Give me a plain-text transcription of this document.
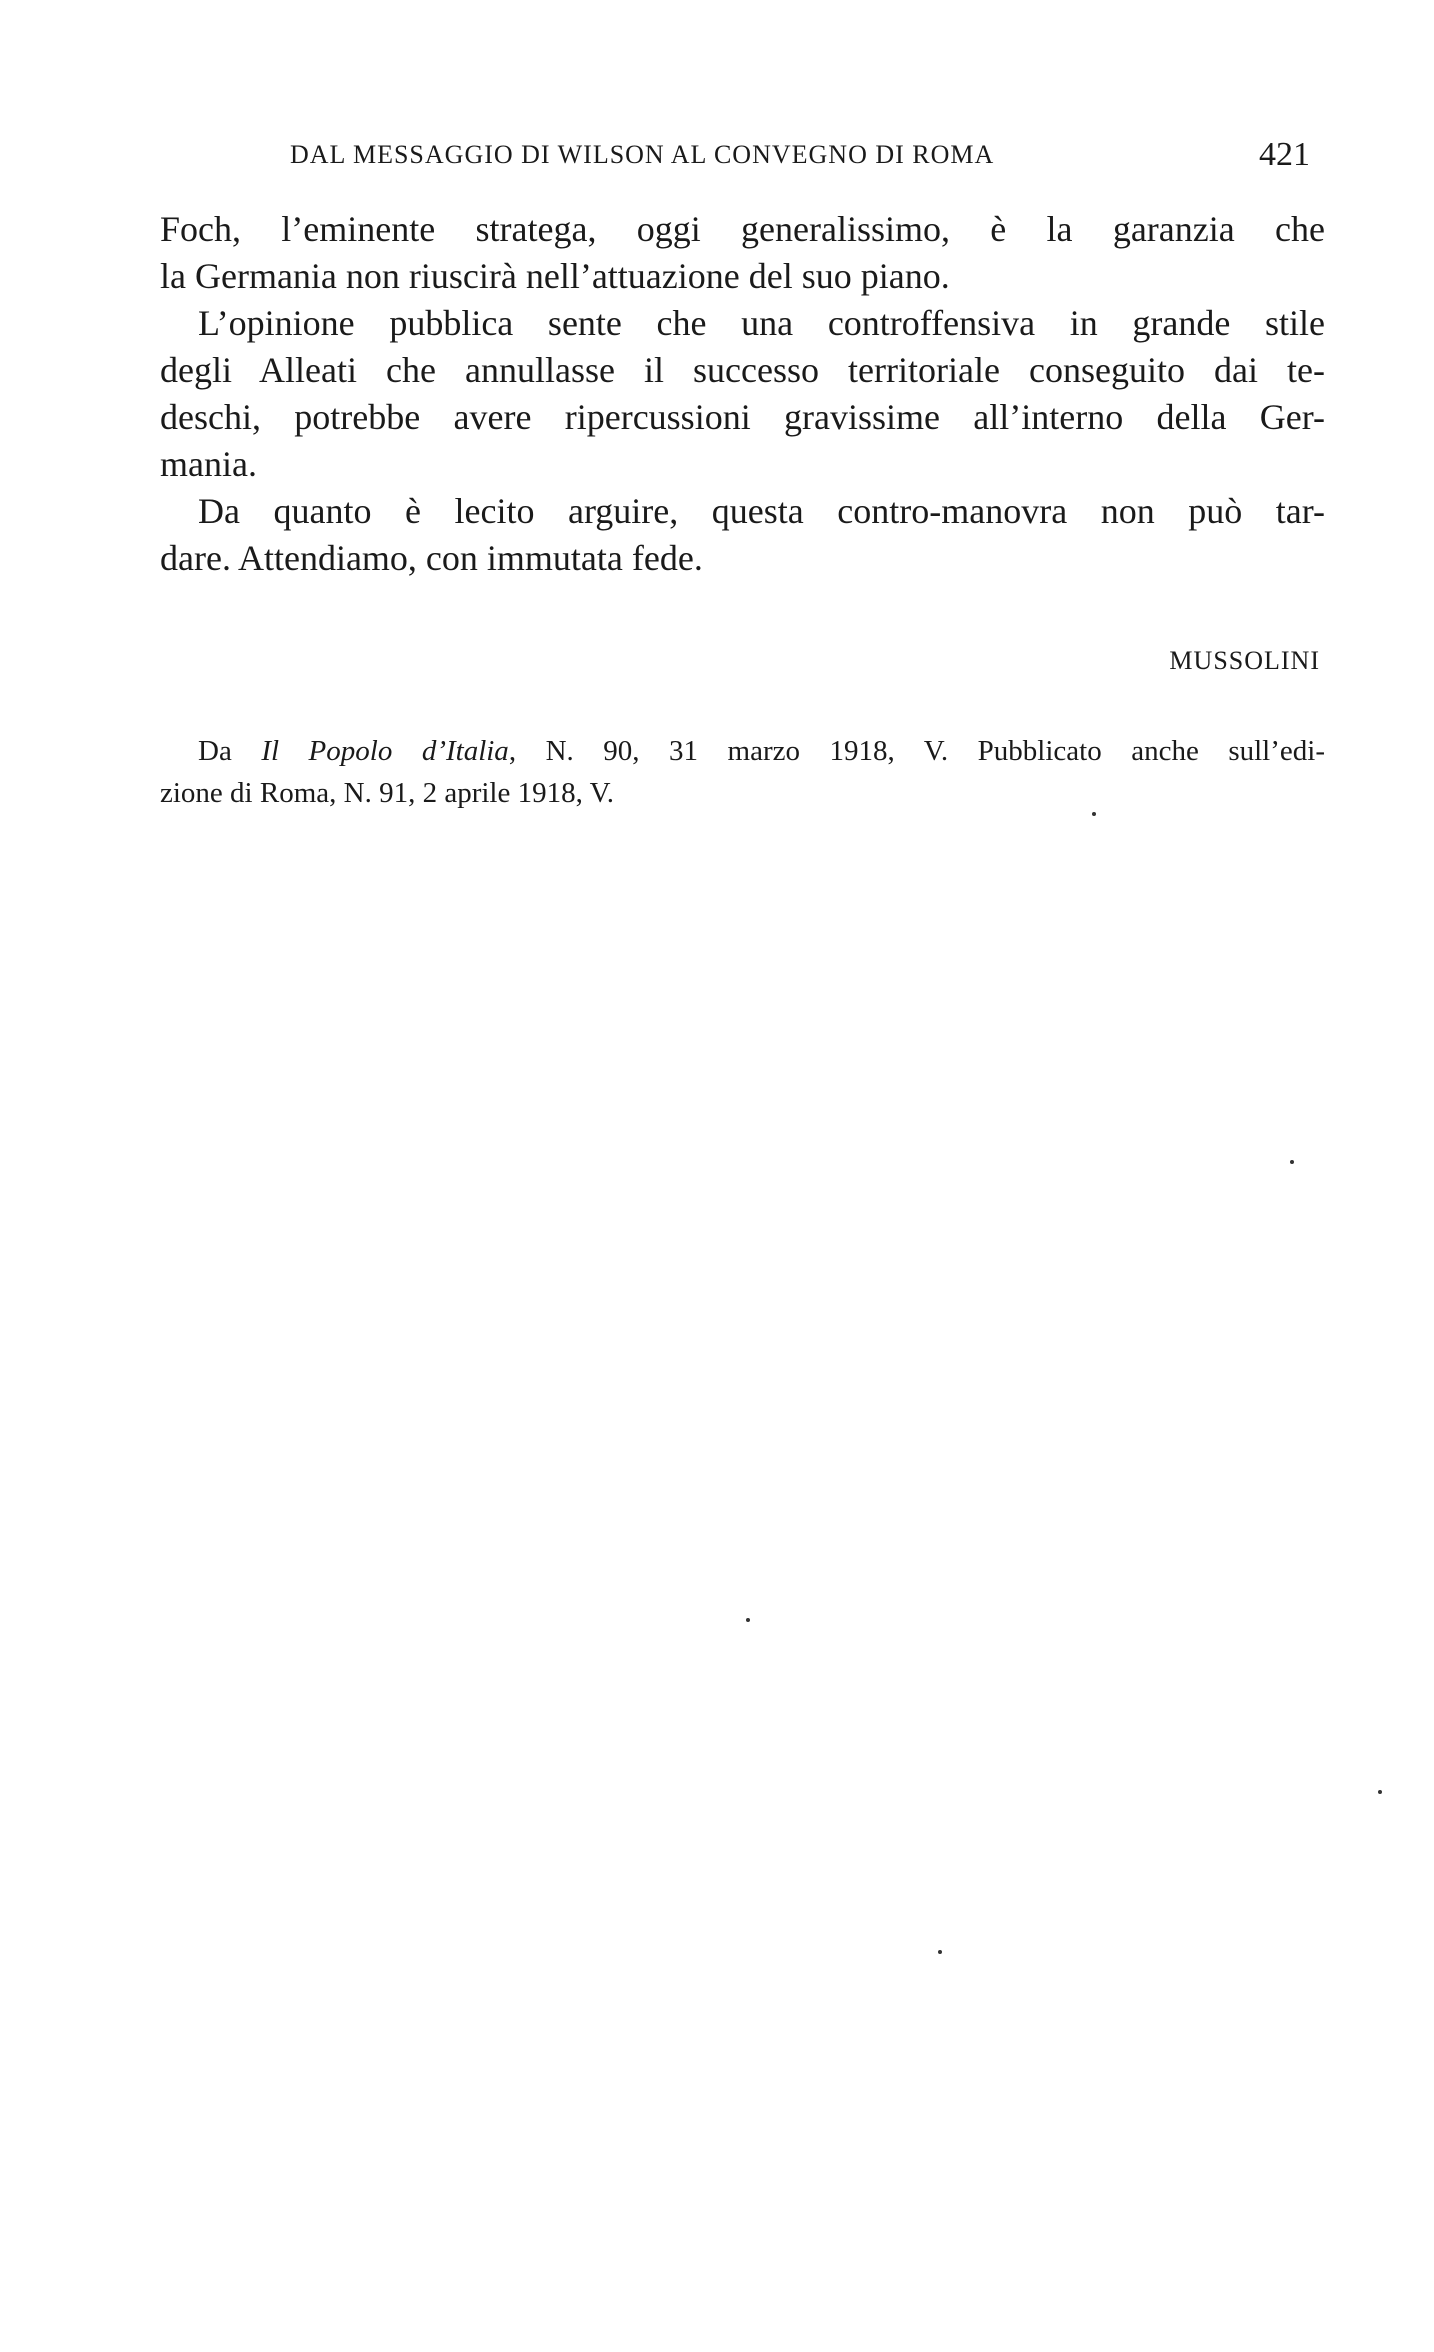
DAL MESSAGGIO DI WILSON AL CONVEGNO DI ROMA	421
Foch, l’eminente stratega, oggi generalissimo, è la garanzia che
la Germania non riuscirà nell’attuazione del suo piano.
L’opinione pubblica sente che una controffensiva in grande stile
degli Alleati che annullasse il successo territoriale conseguito dai te-
deschi, potrebbe avere ripercussioni gravissime all’interno della Ger-
mania.
Da quanto è lecito arguire, questa contro-manovra non può tar-
dare. Attendiamo, con immutata fede.
MUSSOLINI
Da Il Popolo d’Italia, N. 90, 31 marzo 1918, V. Pubblicato anche sull’edi-
zione di Roma, N. 91, 2 aprile 1918, V.
